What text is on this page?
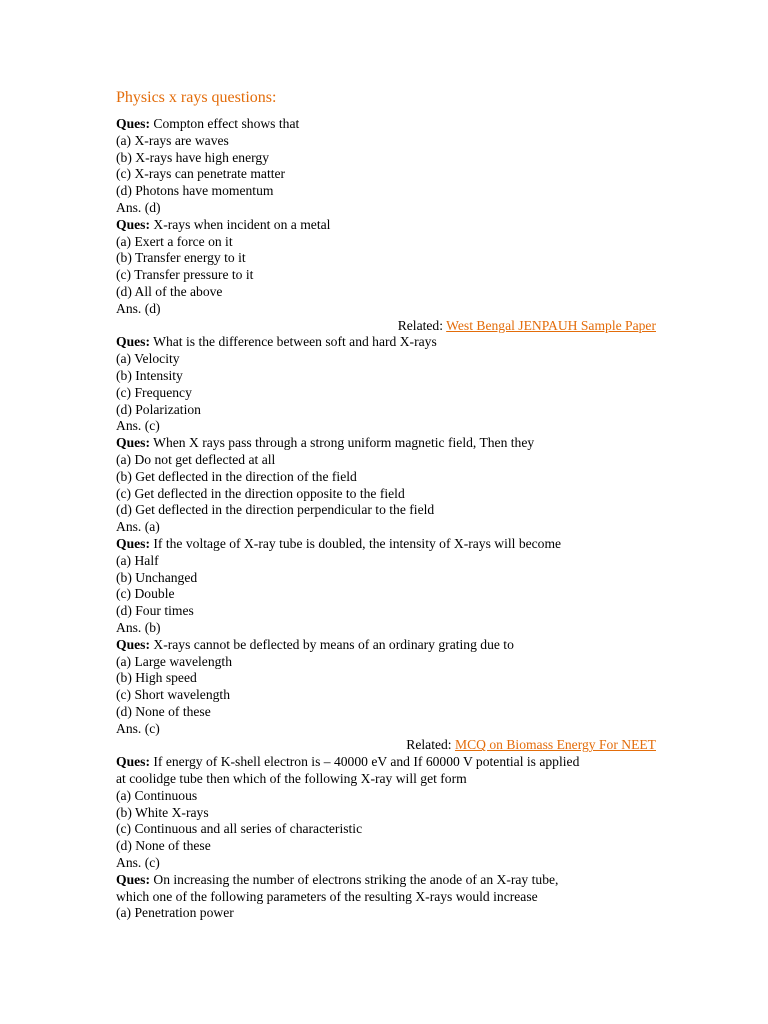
Physics x rays questions:
Ques: Compton effect shows that
(a) X-rays are waves
(b) X-rays have high energy
(c) X-rays can penetrate matter
(d) Photons have momentum
Ans. (d)
Ques: X-rays when incident on a metal
(a) Exert a force on it
(b) Transfer energy to it
(c) Transfer pressure to it
(d) All of the above
Ans. (d)
Related: West Bengal JENPAUH Sample Paper
Ques: What is the difference between soft and hard X-rays
(a) Velocity
(b) Intensity
(c) Frequency
(d) Polarization
Ans. (c)
Ques: When X rays pass through a strong uniform magnetic field, Then they
(a) Do not get deflected at all
(b) Get deflected in the direction of the field
(c) Get deflected in the direction opposite to the field
(d) Get deflected in the direction perpendicular to the field
Ans. (a)
Ques: If the voltage of X-ray tube is doubled, the intensity of X-rays will become
(a) Half
(b) Unchanged
(c) Double
(d) Four times
Ans. (b)
Ques: X-rays cannot be deflected by means of an ordinary grating due to
(a) Large wavelength
(b) High speed
(c) Short wavelength
(d) None of these
Ans. (c)
Related: MCQ on Biomass Energy For NEET
Ques: If energy of K-shell electron is – 40000 eV and If 60000 V potential is applied
at coolidge tube then which of the following X-ray will get form
(a) Continuous
(b) White X-rays
(c) Continuous and all series of characteristic
(d) None of these
Ans. (c)
Ques: On increasing the number of electrons striking the anode of an X-ray tube,
which one of the following parameters of the resulting X-rays would increase
(a) Penetration power
